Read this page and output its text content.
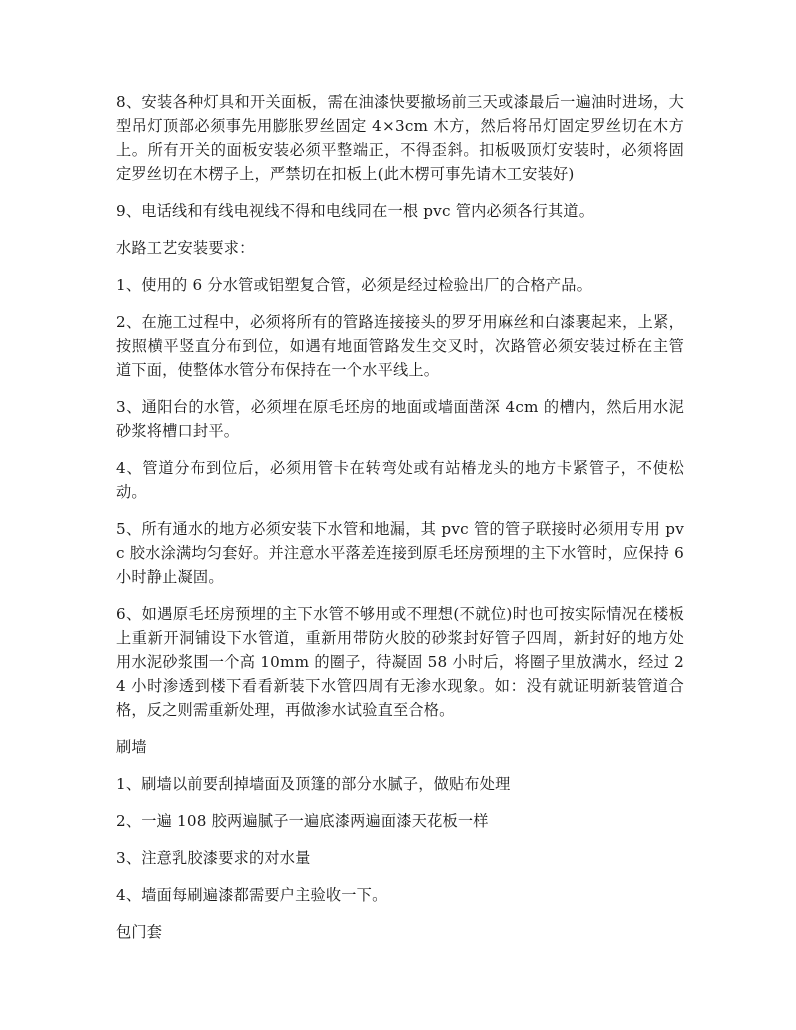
8、安装各种灯具和开关面板，需在油漆快要撤场前三天或漆最后一遍油时进场，大型吊灯顶部必须事先用膨胀罗丝固定 4×3cm 木方，然后将吊灯固定罗丝切在木方上。所有开关的面板安装必须平整端正，不得歪斜。扣板吸顶灯安装时，必须将固定罗丝切在木楞子上，严禁切在扣板上(此木楞可事先请木工安装好)

9、电话线和有线电视线不得和电线同在一根 pvc 管内必须各行其道。

水路工艺安装要求：

1、使用的 6 分水管或铝塑复合管，必须是经过检验出厂的合格产品。

2、在施工过程中，必须将所有的管路连接接头的罗牙用麻丝和白漆裹起来，上紧，按照横平竖直分布到位，如遇有地面管路发生交叉时，次路管必须安装过桥在主管道下面，使整体水管分布保持在一个水平线上。

3、通阳台的水管，必须埋在原毛坯房的地面或墙面凿深 4cm 的槽内，然后用水泥砂浆将槽口封平。

4、管道分布到位后，必须用管卡在转弯处或有站椿龙头的地方卡紧管子，不使松动。

5、所有通水的地方必须安装下水管和地漏，其 pvc 管的管子联接时必须用专用 pvc 胶水涂满均匀套好。并注意水平落差连接到原毛坯房预埋的主下水管时，应保持 6 小时静止凝固。

6、如遇原毛坯房预埋的主下水管不够用或不理想(不就位)时也可按实际情况在楼板上重新开洞铺设下水管道，重新用带防火胶的砂浆封好管子四周，新封好的地方处用水泥砂浆围一个高 10mm 的圈子，待凝固 58 小时后，将圈子里放满水，经过 24 小时渗透到楼下看看新装下水管四周有无渗水现象。如：没有就证明新装管道合格，反之则需重新处理，再做渗水试验直至合格。

刷墙

1、刷墙以前要刮掉墙面及顶篷的部分水腻子，做贴布处理

2、一遍 108 胶两遍腻子一遍底漆两遍面漆天花板一样

3、注意乳胶漆要求的对水量

4、墙面每刷遍漆都需要户主验收一下。

包门套
